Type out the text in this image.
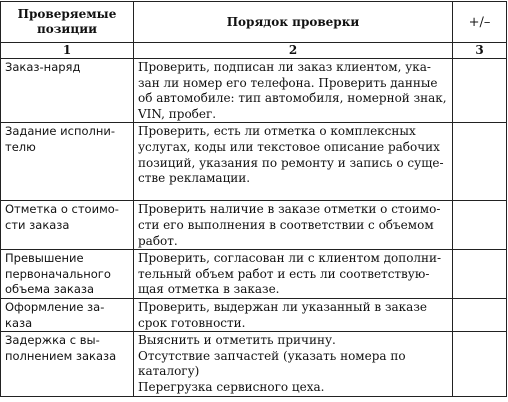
Проверяемые
позиции	Порядок проверки	+/–
1	2	3

Заказ-наряд	Проверить, подписан ли заказ клиентом, ука-
зан ли номер его телефона. Проверить данные
об автомобиле: тип автомобиля, номерной знак,
VIN, пробег.	

Задание исполни-
телю	Проверить, есть ли отметка о комплексных
услугах, коды или текстовое описание рабочих
позиций, указания по ремонту и запись о суще-
стве рекламации.	

Отметка о стоимо-
сти заказа	Проверить наличие в заказе отметки о стоимо-
сти его выполнения в соответствии с объемом
работ.	

Превышение
первоначального
объема заказа	Проверить, согласован ли с клиентом дополни-
тельный объем работ и есть ли соответствую-
щая отметка в заказе.	

Оформление за-
каза	Проверить, выдержан ли указанный в заказе
срок готовности.	

Задержка с вы-
полнением заказа	Выяснить и отметить причину.
Отсутствие запчастей (указать номера по
каталогу)
Перегрузка сервисного цеха.	
